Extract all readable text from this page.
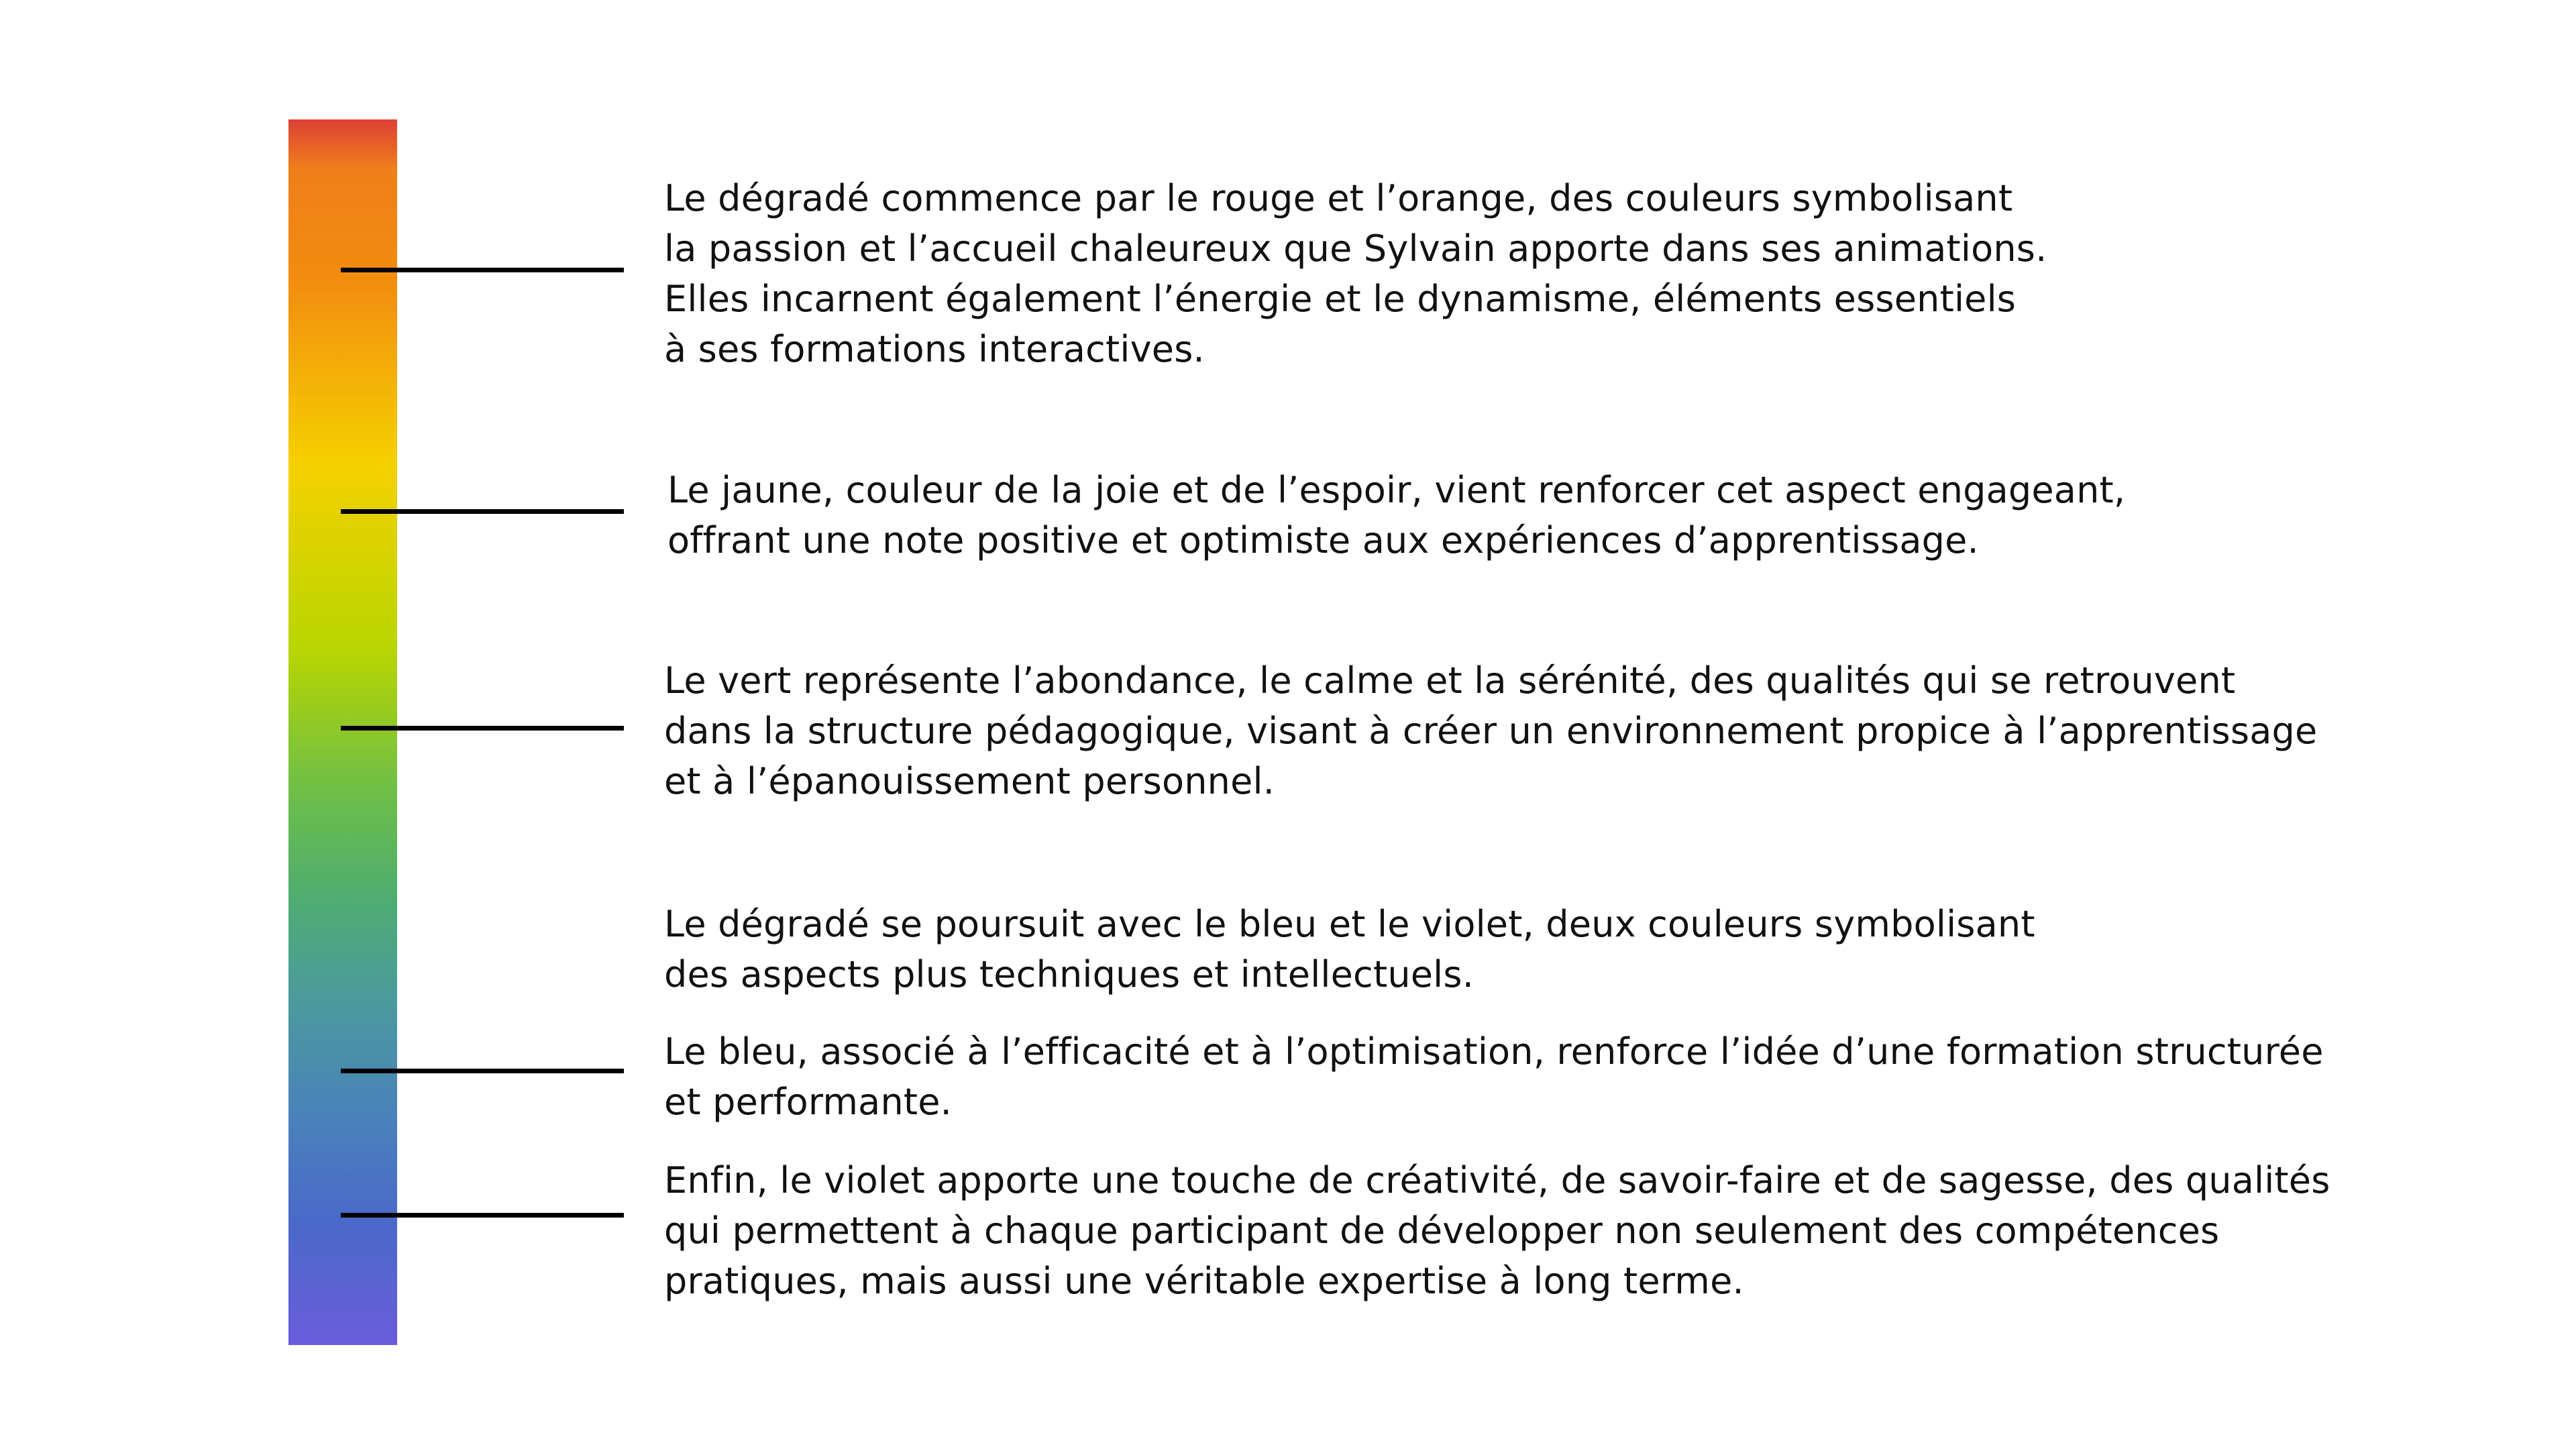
Le dégradé commence par le rouge et l’orange, des couleurs symbolisant
la passion et l’accueil chaleureux que Sylvain apporte dans ses animations.
Elles incarnent également l’énergie et le dynamisme, éléments essentiels
à ses formations interactives.
Le jaune, couleur de la joie et de l’espoir, vient renforcer cet aspect engageant,
offrant une note positive et optimiste aux expériences d’apprentissage.
Le vert représente l’abondance, le calme et la sérénité, des qualités qui se retrouvent
dans la structure pédagogique, visant à créer un environnement propice à l’apprentissage
et à l’épanouissement personnel.
Le dégradé se poursuit avec le bleu et le violet, deux couleurs symbolisant
des aspects plus techniques et intellectuels.
Le bleu, associé à l’efficacité et à l’optimisation, renforce l’idée d’une formation structurée
et performante.
Enfin, le violet apporte une touche de créativité, de savoir-faire et de sagesse, des qualités
qui permettent à chaque participant de développer non seulement des compétences
pratiques, mais aussi une véritable expertise à long terme.
